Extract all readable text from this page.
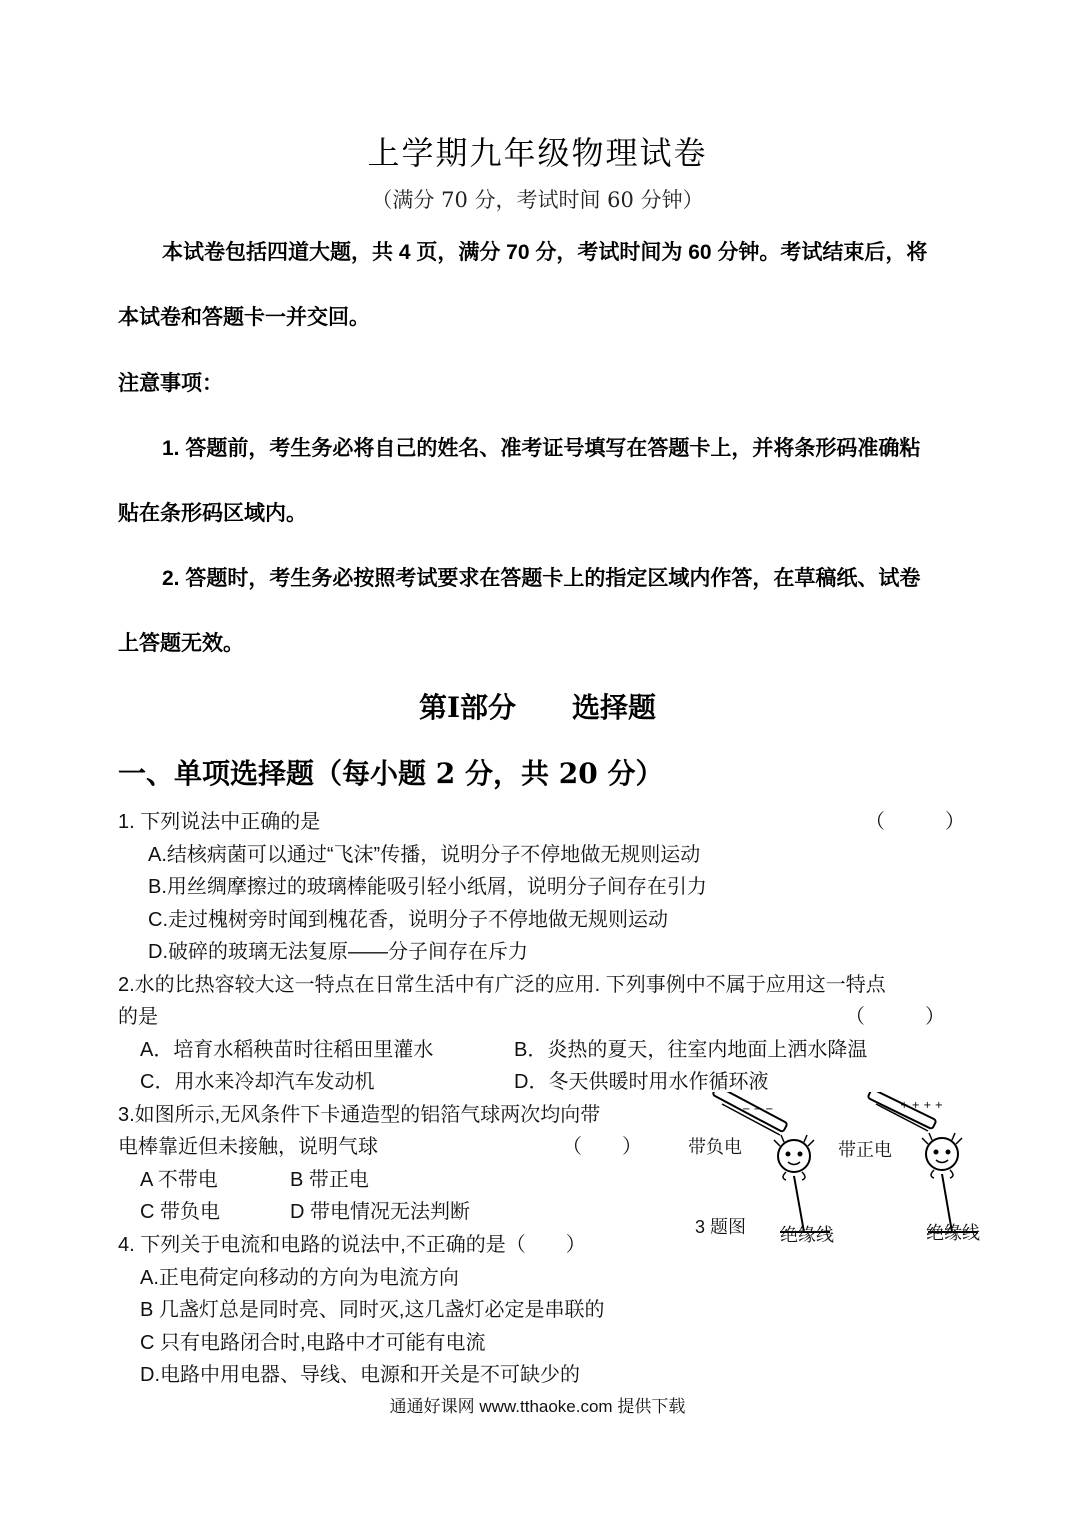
上学期九年级物理试卷
（满分 70 分，考试时间 60 分钟）
本试卷包括四道大题，共 4 页，满分 70 分，考试时间为 60 分钟。考试结束后，将
本试卷和答题卡一并交回。
注意事项：
1. 答题前，考生务必将自己的姓名、准考证号填写在答题卡上，并将条形码准确粘
贴在条形码区域内。
2. 答题时，考生务必按照考试要求在答题卡上的指定区域内作答，在草稿纸、试卷
上答题无效。
第Ⅰ部分　　选择题
一、单项选择题（每小题 2 分，共 20 分）
1. 下列说法中正确的是	（　　　）
A.结核病菌可以通过“飞沫”传播，说明分子不停地做无规则运动
B.用丝绸摩擦过的玻璃棒能吸引轻小纸屑，说明分子间存在引力
C.走过槐树旁时闻到槐花香，说明分子不停地做无规则运动
D.破碎的玻璃无法复原——分子间存在斥力
2.水的比热容较大这一特点在日常生活中有广泛的应用. 下列事例中不属于应用这一特点
的是	（　　　）
A．培育水稻秧苗时往稻田里灌水	B．炎热的夏天，往室内地面上洒水降温
C．用水来冷却汽车发动机	D．冬天供暖时用水作循环液
3.如图所示,无风条件下卡通造型的铝箔气球两次均向带
电棒靠近但未接触，说明气球	（　　）
A 不带电	B 带正电
C 带负电	D 带电情况无法判断
− − −	+ + + +
带负电	带正电
3 题图 绝缘线	绝缘线
4. 下列关于电流和电路的说法中,不正确的是（　　）
A.正电荷定向移动的方向为电流方向
B 几盏灯总是同时亮、同时灭,这几盏灯必定是串联的
C 只有电路闭合时,电路中才可能有电流
D.电路中用电器、导线、电源和开关是不可缺少的
通通好课网 www.tthaoke.com 提供下载
